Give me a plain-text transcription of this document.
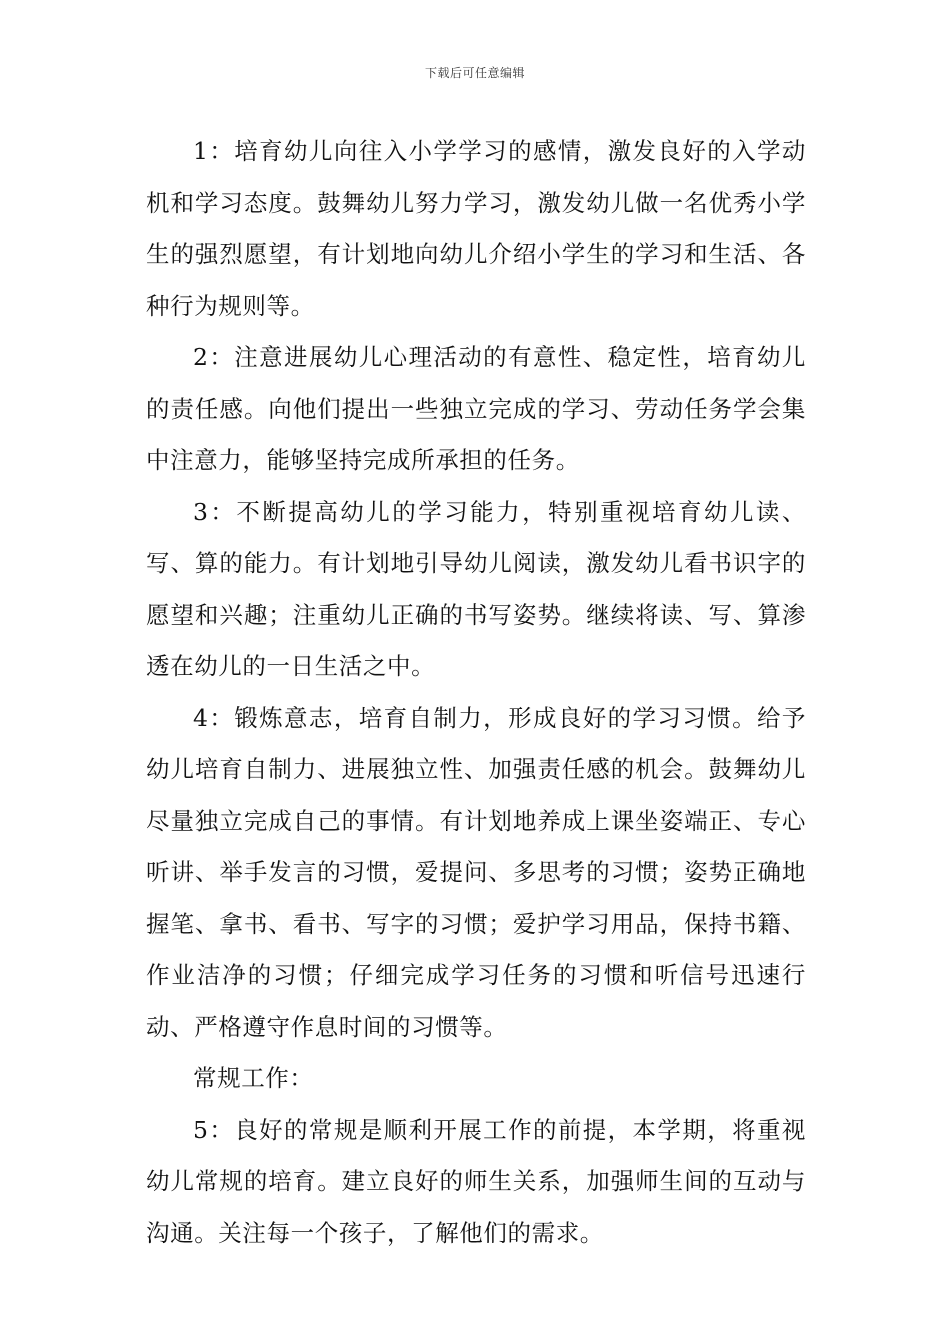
下载后可任意编辑

1：培育幼儿向往入小学学习的感情，激发良好的入学动机和学习态度。鼓舞幼儿努力学习，激发幼儿做一名优秀小学生的强烈愿望，有计划地向幼儿介绍小学生的学习和生活、各种行为规则等。

2：注意进展幼儿心理活动的有意性、稳定性，培育幼儿的责任感。向他们提出一些独立完成的学习、劳动任务学会集中注意力，能够坚持完成所承担的任务。

3：不断提高幼儿的学习能力，特别重视培育幼儿读、写、算的能力。有计划地引导幼儿阅读，激发幼儿看书识字的愿望和兴趣；注重幼儿正确的书写姿势。继续将读、写、算渗透在幼儿的一日生活之中。

4：锻炼意志，培育自制力，形成良好的学习习惯。给予幼儿培育自制力、进展独立性、加强责任感的机会。鼓舞幼儿尽量独立完成自己的事情。有计划地养成上课坐姿端正、专心听讲、举手发言的习惯，爱提问、多思考的习惯；姿势正确地握笔、拿书、看书、写字的习惯；爱护学习用品，保持书籍、作业洁净的习惯；仔细完成学习任务的习惯和听信号迅速行动、严格遵守作息时间的习惯等。

常规工作：

5：良好的常规是顺利开展工作的前提，本学期，将重视幼儿常规的培育。建立良好的师生关系，加强师生间的互动与沟通。关注每一个孩子，了解他们的需求。
